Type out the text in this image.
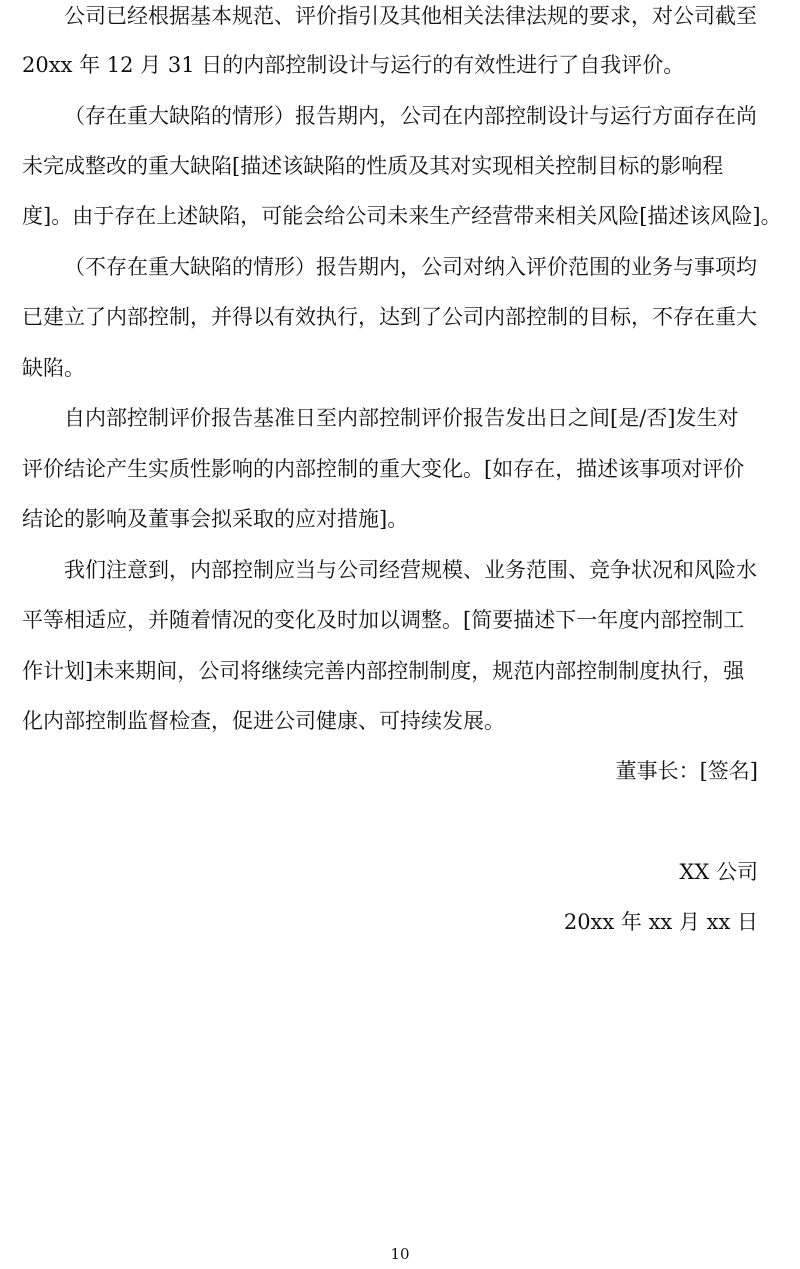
公司已经根据基本规范、评价指引及其他相关法律法规的要求，对公司截至
20xx 年 12 月 31 日的内部控制设计与运行的有效性进行了自我评价。
（存在重大缺陷的情形）报告期内，公司在内部控制设计与运行方面存在尚
未完成整改的重大缺陷[描述该缺陷的性质及其对实现相关控制目标的影响程
度]。由于存在上述缺陷，可能会给公司未来生产经营带来相关风险[描述该风险]。
（不存在重大缺陷的情形）报告期内，公司对纳入评价范围的业务与事项均
已建立了内部控制，并得以有效执行，达到了公司内部控制的目标，不存在重大
缺陷。
自内部控制评价报告基准日至内部控制评价报告发出日之间[是/否]发生对
评价结论产生实质性影响的内部控制的重大变化。[如存在，描述该事项对评价
结论的影响及董事会拟采取的应对措施]。
我们注意到，内部控制应当与公司经营规模、业务范围、竞争状况和风险水
平等相适应，并随着情况的变化及时加以调整。[简要描述下一年度内部控制工
作计划]未来期间，公司将继续完善内部控制制度，规范内部控制制度执行，强
化内部控制监督检查，促进公司健康、可持续发展。
董事长：[签名]
XX 公司
20xx 年 xx 月 xx 日
10
